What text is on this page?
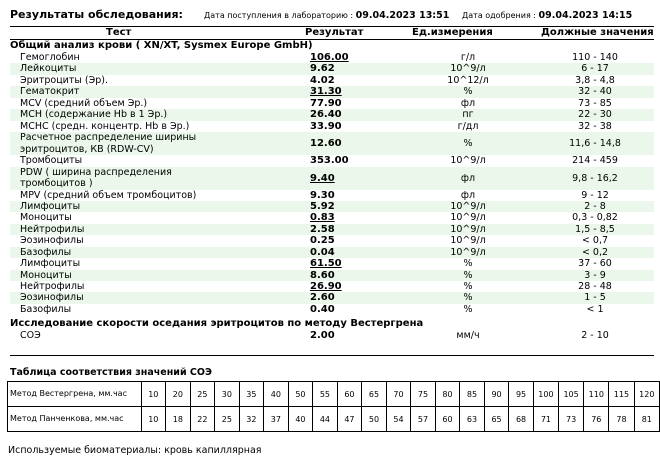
Результаты обследования:	Дата поступления в лабораторию : 09.04.2023 13:51 Дата одобрения : 09.04.2023 14:15
Тест	Результат	Ед.измерения	Должные значения
Общий анализ крови ( XN/XT, Sysmex Europe GmbH)
Гемоглобин	106.00	г/л	110 - 140
Лейкоциты	9.62	10^9/л	6 - 17
Эритроциты (Эр).	4.02	10^12/л	3,8 - 4,8
Гематокрит	31.30	%	32 - 40
MCV (средний объем Эр.)	77.90	фл	73 - 85
MCH (содержание Hb в 1 Эр.)	26.40	пг	22 - 30
MCHC (средн. концентр. Hb в Эр.)	33.90	г/дл	32 - 38
Расчетное распределение ширины эритроцитов, КВ (RDW-CV)	12.60	%	11,6 - 14,8
Тромбоциты	353.00	10^9/л	214 - 459
PDW ( ширина распределения тромбоцитов )	9.40	фл	9,8 - 16,2
MPV (средний объем тромбоцитов)	9.30	фл	9 - 12
Лимфоциты	5.92	10^9/л	2 - 8
Моноциты	0.83	10^9/л	0,3 - 0,82
Нейтрофилы	2.58	10^9/л	1,5 - 8,5
Эозинофилы	0.25	10^9/л	< 0,7
Базофилы	0.04	10^9/л	< 0,2
Лимфоциты	61.50	%	37 - 60
Моноциты	8.60	%	3 - 9
Нейтрофилы	26.90	%	28 - 48
Эозинофилы	2.60	%	1 - 5
Базофилы	0.40	%	< 1
Исследование скорости оседания эритроцитов по методу Вестергрена
СОЭ	2.00	мм/ч	2 - 10
Таблица соответствия значений СОЭ
Метод Вестергрена, мм.час	10	20	25	30	35	40	50	55	60	65	70	75	80	85	90	95	100	105	110	115	120
Метод Панченкова, мм.час	10	18	22	25	32	37	40	44	47	50	54	57	60	63	65	68	71	73	76	78	81
Используемые биоматериалы: кровь капиллярная
